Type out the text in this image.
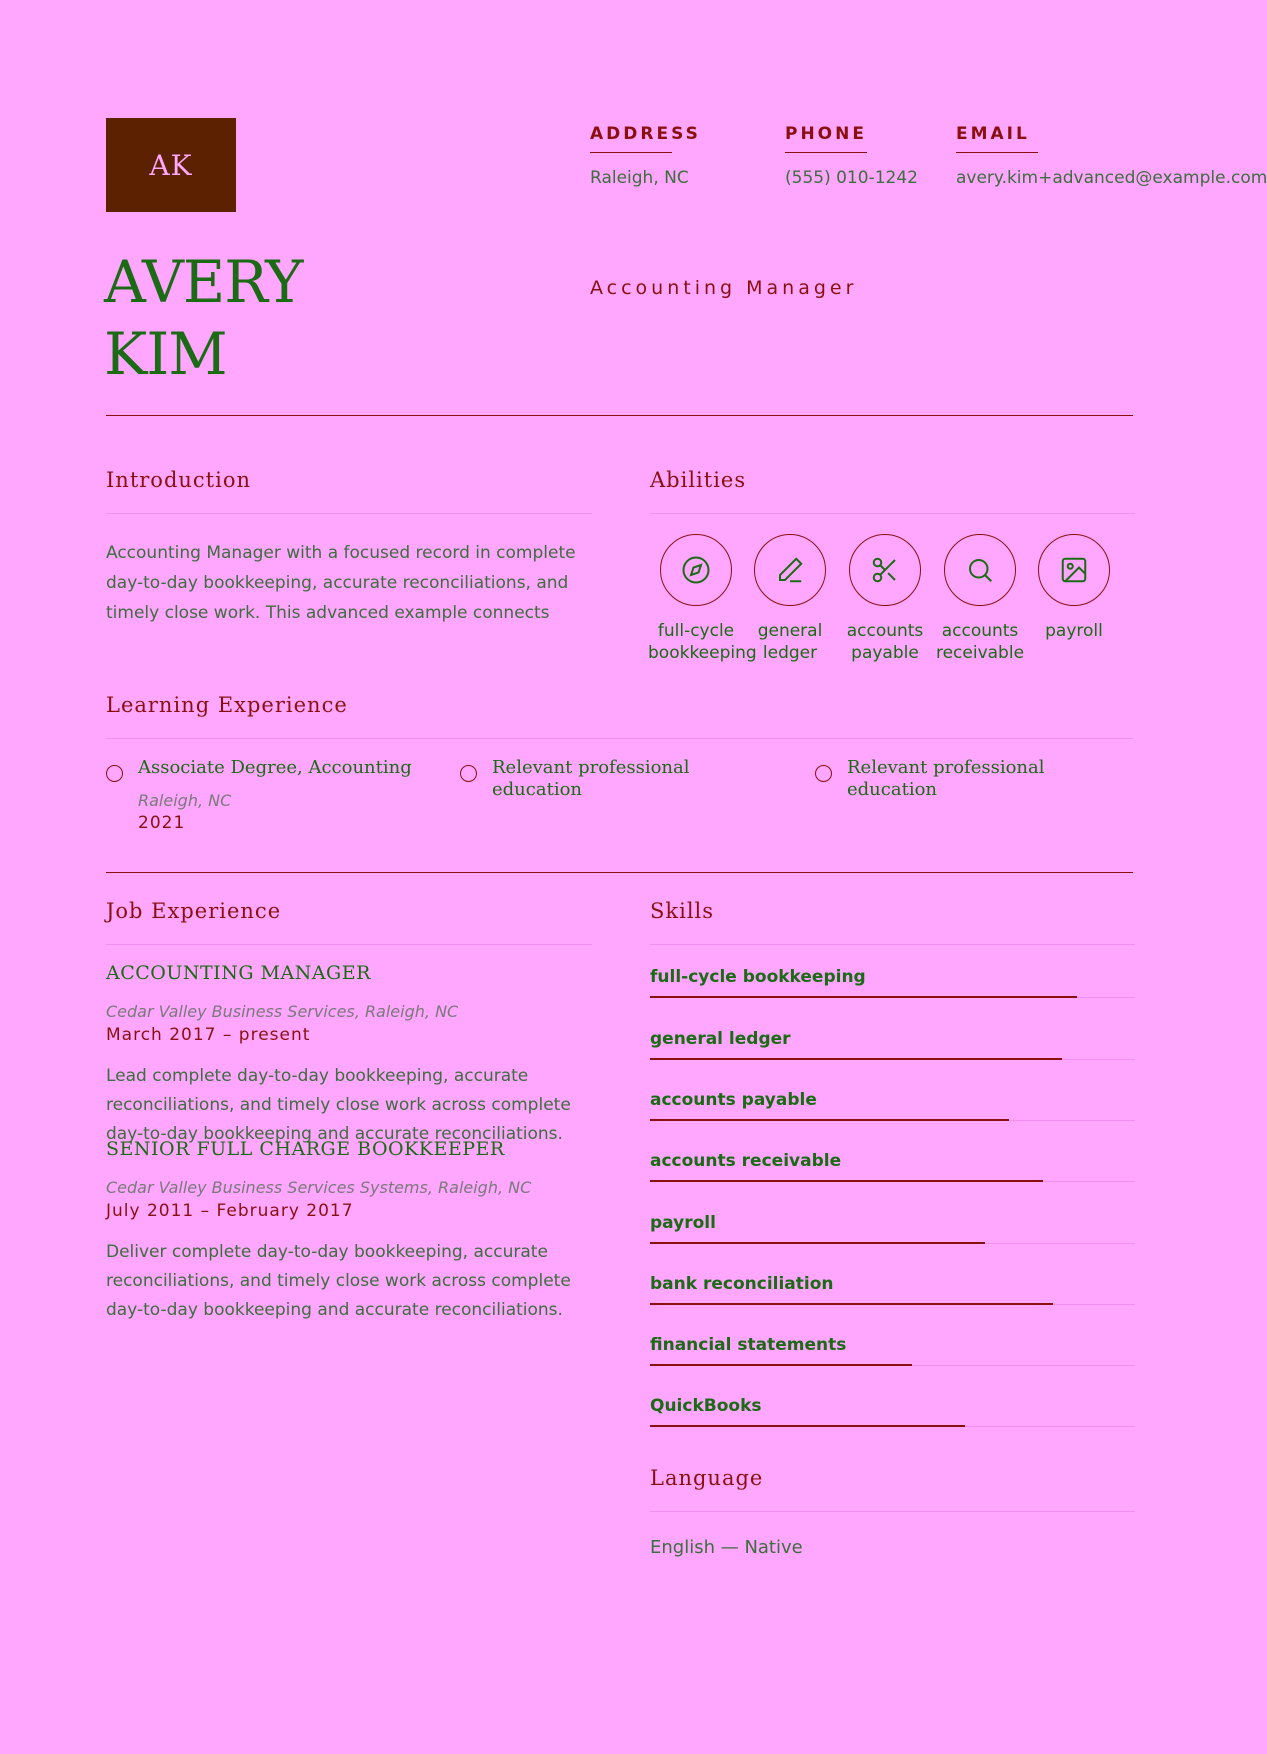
AK
AVERY
KIM
ADDRESS
Raleigh, NC
PHONE
(555) 010-1242
EMAIL
avery.kim+advanced@example.com
Accounting Manager
Introduction
Accounting Manager with a focused record in complete day-to-day bookkeeping, accurate reconciliations, and timely close work. This advanced example connects
Abilities
full-cycle bookkeeping
general ledger
accounts payable
accounts receivable
payroll
Learning Experience
Associate Degree, Accounting
Raleigh, NC
2021
Relevant professional education
Relevant professional education
Job Experience
ACCOUNTING MANAGER
Cedar Valley Business Services, Raleigh, NC
March 2017 – present
Lead complete day-to-day bookkeeping, accurate reconciliations, and timely close work across complete day-to-day bookkeeping and accurate reconciliations.
SENIOR FULL CHARGE BOOKKEEPER
Cedar Valley Business Services Systems, Raleigh, NC
July 2011 – February 2017
Deliver complete day-to-day bookkeeping, accurate reconciliations, and timely close work across complete day-to-day bookkeeping and accurate reconciliations.
Skills
full-cycle bookkeeping
general ledger
accounts payable
accounts receivable
payroll
bank reconciliation
financial statements
QuickBooks
Language
English — Native
